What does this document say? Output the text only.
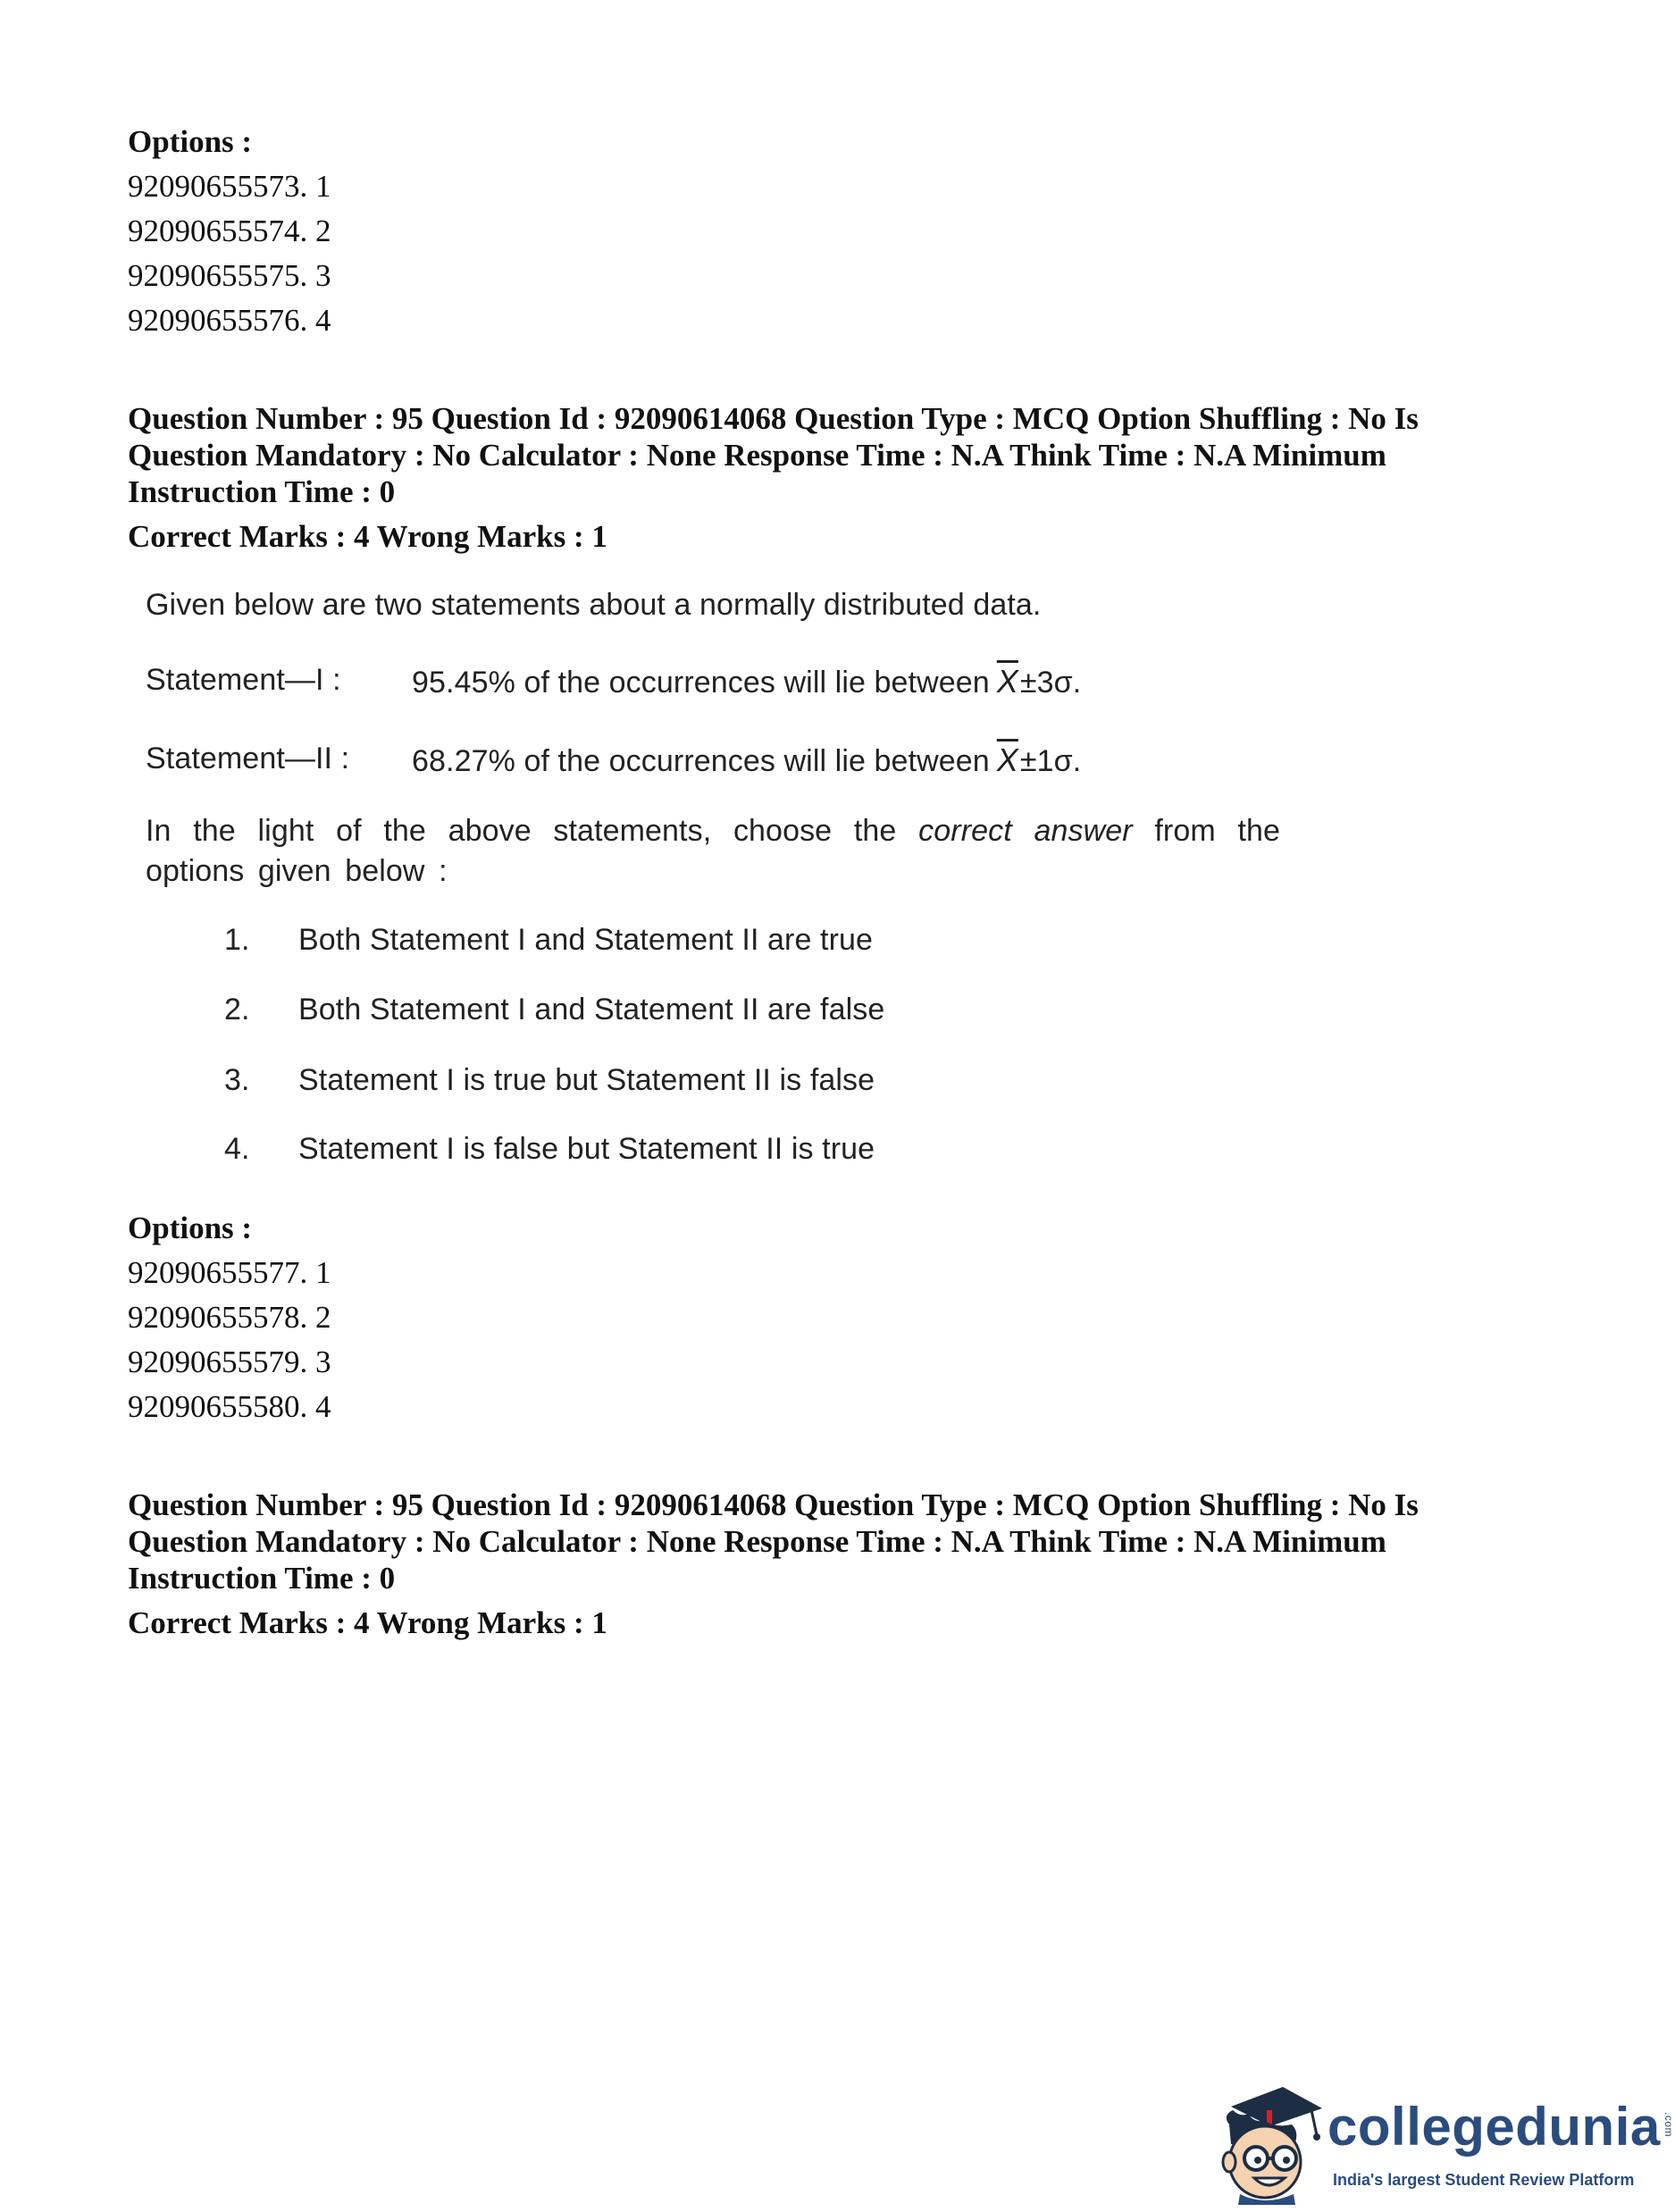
Options :
92090655573. 1
92090655574. 2
92090655575. 3
92090655576. 4
Question Number : 95 Question Id : 92090614068 Question Type : MCQ Option Shuffling : No Is Question Mandatory : No Calculator : None Response Time : N.A Think Time : N.A Minimum Instruction Time : 0
Correct Marks : 4 Wrong Marks : 1
Given below are two statements about a normally distributed data.
Statement—I : 95.45% of the occurrences will lie between $\overline{X}\pm 3\sigma$.
Statement—II : 68.27% of the occurrences will lie between $\overline{X}\pm 1\sigma$.
In the light of the above statements, choose the correct answer from the options given below :
1. Both Statement I and Statement II are true
2. Both Statement I and Statement II are false
3. Statement I is true but Statement II is false
4. Statement I is false but Statement II is true
Options :
92090655577. 1
92090655578. 2
92090655579. 3
92090655580. 4
Question Number : 95 Question Id : 92090614068 Question Type : MCQ Option Shuffling : No Is Question Mandatory : No Calculator : None Response Time : N.A Think Time : N.A Minimum Instruction Time : 0
Correct Marks : 4 Wrong Marks : 1
collegedunia .com
India's largest Student Review Platform
